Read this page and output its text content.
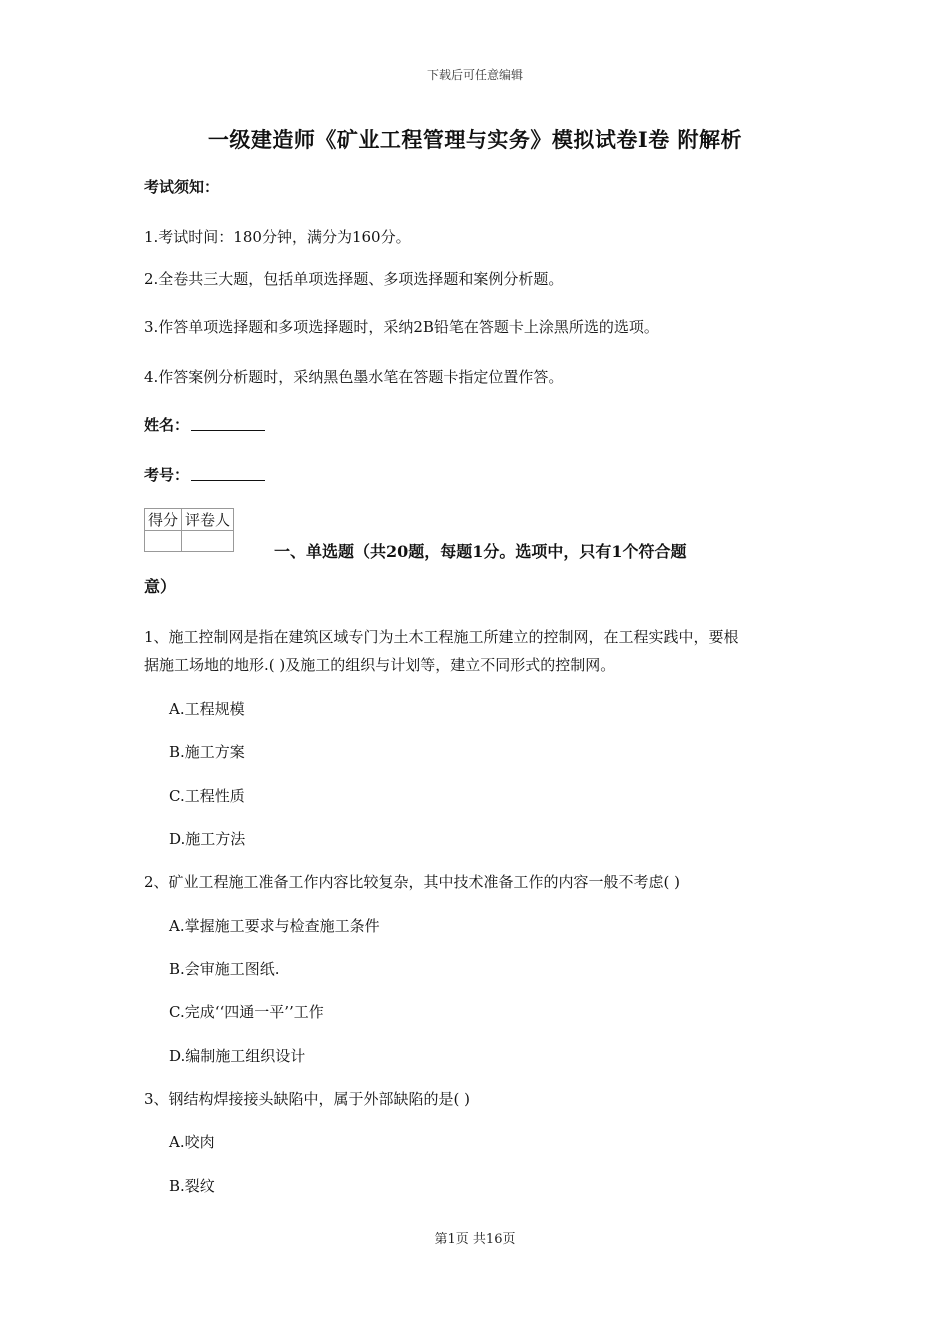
下载后可任意编辑
一级建造师《矿业工程管理与实务》模拟试卷I卷 附解析
考试须知：
1.考试时间：180分钟，满分为160分。
2.全卷共三大题，包括单项选择题、多项选择题和案例分析题。
3.作答单项选择题和多项选择题时，采纳2B铅笔在答题卡上涂黑所选的选项。
4.作答案例分析题时，采纳黑色墨水笔在答题卡指定位置作答。
姓名：
考号：
得分	评卷人

一、单选题（共20题，每题1分。选项中，只有1个符合题
意）
1、施工控制网是指在建筑区域专门为土木工程施工所建立的控制网，在工程实践中，要根
据施工场地的地形.( )及施工的组织与计划等，建立不同形式的控制网。
A.工程规模
B.施工方案
C.工程性质
D.施工方法
2、矿业工程施工准备工作内容比较复杂，其中技术准备工作的内容一般不考虑( )
A.掌握施工要求与检查施工条件
B.会审施工图纸.
C.完成‘‘四通一平’’工作
D.编制施工组织设计
3、钢结构焊接接头缺陷中，属于外部缺陷的是( )
A.咬肉
B.裂纹
第1页 共16页
